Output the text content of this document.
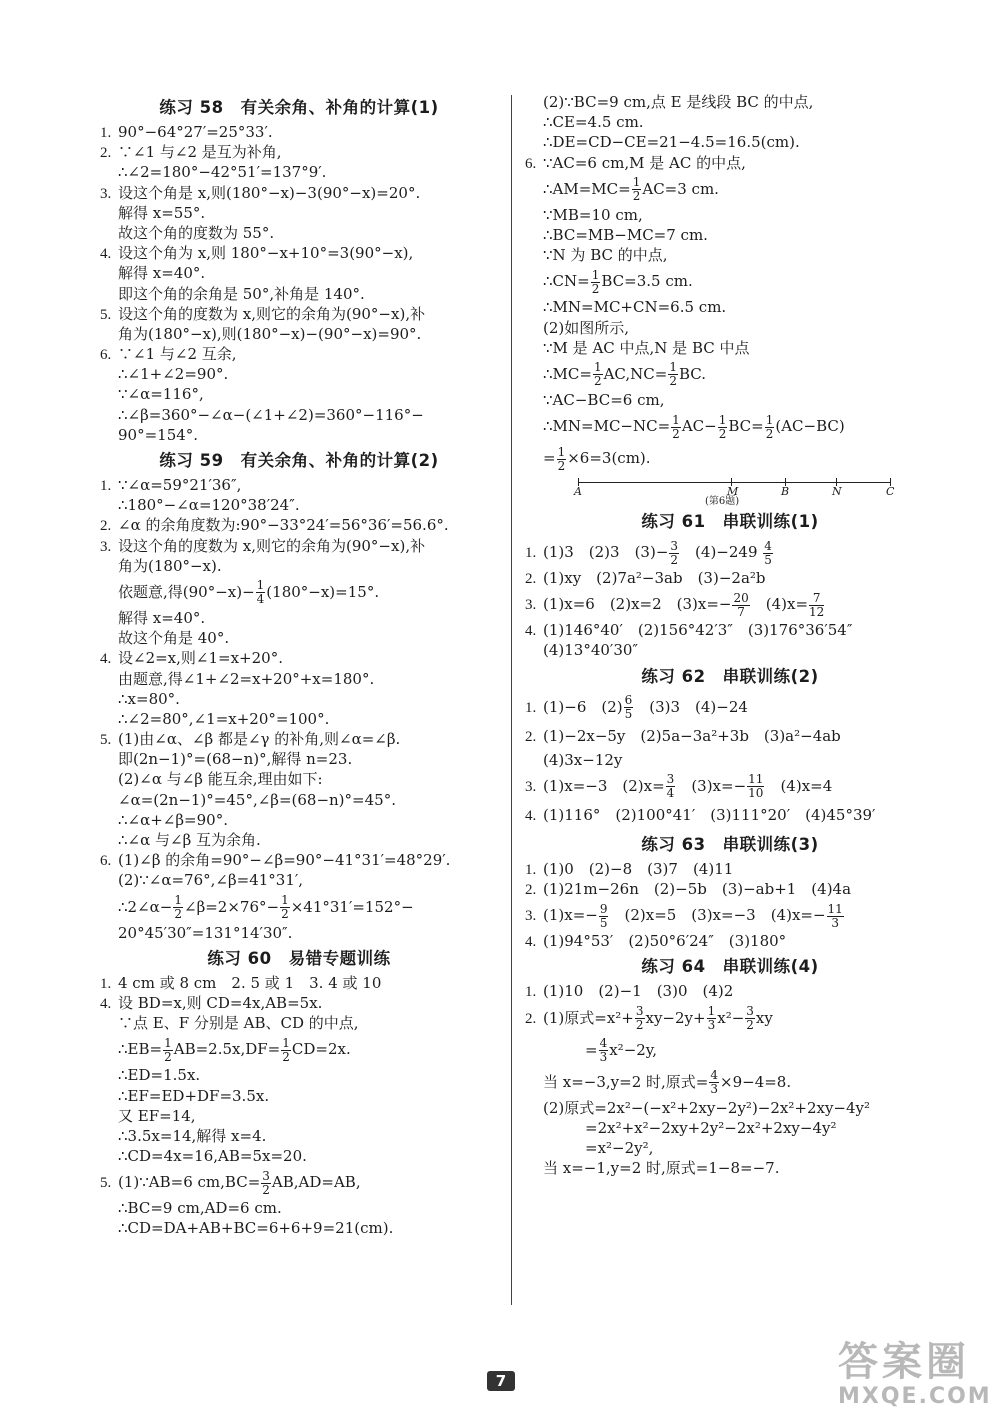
练习 58　有关余角、补角的计算(1)
1. 90°−64°27′=25°33′.
2. ∵∠1 与∠2 是互为补角,
∴∠2=180°−42°51′=137°9′.
3. 设这个角是 x,则(180°−x)−3(90°−x)=20°.
解得 x=55°.
故这个角的度数为 55°.
4. 设这个角为 x,则 180°−x+10°=3(90°−x),
解得 x=40°.
即这个角的余角是 50°,补角是 140°.
5. 设这个角的度数为 x,则它的余角为(90°−x),补
角为(180°−x),则(180°−x)−(90°−x)=90°.
6. ∵∠1 与∠2 互余,
∴∠1+∠2=90°.
∵∠α=116°,
∴∠β=360°−∠α−(∠1+∠2)=360°−116°−
90°=154°.
练习 59　有关余角、补角的计算(2)
1. ∵∠α=59°21′36″,
∴180°−∠α=120°38′24″.
2. ∠α 的余角度数为:90°−33°24′=56°36′=56.6°.
3. 设这个角的度数为 x,则它的余角为(90°−x),补
角为(180°−x).
依题意,得$(90^\circ-x)- \frac{1}{4} (180^\circ-x)=15^\circ$.
解得 x=40°.
故这个角是 40°.
4. 设∠2=x,则∠1=x+20°.
由题意,得∠1+∠2=x+20°+x=180°.
∴x=80°.
∴∠2=80°,∠1=x+20°=100°.
5. (1)由∠α、∠β 都是∠γ 的补角,则∠α=∠β.
即(2n−1)°=(68−n)°,解得 n=23.
(2)∠α 与∠β 能互余,理由如下:
∠α=(2n−1)°=45°,∠β=(68−n)°=45°.
∴∠α+∠β=90°.
∴∠α 与∠β 互为余角.
6. (1)∠β 的余角=90°−∠β=90°−41°31′=48°29′.
(2)∵∠α=76°,∠β=41°31′,
∴2∠α− $\frac{1}{2}$ ∠β=2×76°− $\frac{1}{2} \times 41^\circ 31'=152^\circ-$
20°45′30″=131°14′30″.
练习 60　易错专题训练
1. 4 cm 或 8 cm　2. 5 或 1　3. 4 或 10
4. 设 BD=x,则 CD=4x,AB=5x.
∵点 E、F 分别是 AB、CD 的中点,
∴EB= $\frac{1}{2} AB=2.5x,DF= \frac{1}{2} CD=2x$.
∴ED=1.5x.
∴EF=ED+DF=3.5x.
又 EF=14,
∴3.5x=14,解得 x=4.
∴CD=4x=16,AB=5x=20.
5. (1)∵AB=6 $cm,BC= \frac{3}{2} AB,AD=AB$,
∴BC=9 cm,AD=6 cm.
∴CD=DA+AB+BC=6+6+9=21(cm).
(2)∵BC=9 cm,点 E 是线段 BC 的中点,
∴CE=4.5 cm.
∴DE=CD−CE=21−4.5=16.5(cm).
6. ∵AC=6 cm,M 是 AC 的中点,
∴AM=MC= $\frac{1}{2} AC=3$ cm.
∵MB=10 cm,
∴BC=MB−MC=7 cm.
∵N 为 BC 的中点,
∴CN= $\frac{1}{2} BC=3.5$ cm.
∴MN=MC+CN=6.5 cm.
(2)如图所示,
∵M 是 AC 中点,N 是 BC 中点
∴MC= $\frac{1}{2} AC,NC= \frac{1}{2}$ BC.
∵AC−BC=6 cm,
∴MN=MC−NC= $\frac{1}{2} AC- \frac{1}{2} BC= \frac{1}{2} (AC-BC)$
= $\frac{1}{2} \times 6=3(cm)$.
A	M	B	N	C
(第6题)
练习 61　串联训练(1)
1. (1)3　(2)3　$(3)- \frac{3}{2}$ 　$(4)-249 \frac{4}{5}$
2. (1)xy　(2)7a²−3ab　(3)−2a²b
3. (1)x=6　(2)x=2　$(3)x=- \frac{20}{7}$ 　$(4)x= \frac{7}{12}$
4. (1)146°40′　(2)156°42′3″　(3)176°36′54″
(4)13°40′30″
练习 62　串联训练(2)
1. (1)−6　$(2) \frac{6}{5}$ 　(3)3　(4)−24
2. (1)−2x−5y　(2)5a−3a²+3b　(3)a²−4ab
(4)3x−12y
3. (1)x=−3　$(2)x= \frac{3}{4}$ 　$(3)x=- \frac{11}{10}$ 　(4)x=4
4. (1)116°　(2)100°41′　(3)111°20′　(4)45°39′
练习 63　串联训练(3)
1. (1)0　(2)−8　(3)7　(4)11
2. (1)21m−26n　(2)−5b　(3)−ab+1　(4)4a
3. $(1)x=- \frac{9}{5}$ 　(2)x=5　(3)x=−3　$(4)x=- \frac{11}{3}$
4. (1)94°53′　(2)50°6′24″　(3)180°
练习 64　串联训练(4)
1. (1)10　(2)−1　(3)0　(4)2
2. (1)原式$=x^2+ \frac{3}{2} xy-2y+ \frac{1}{3} x^2- \frac{3}{2}$ xy
= $\frac{4}{3} x^2-2y$,
当 x=−3,y=2 时,原式= $\frac{4}{3} \times 9-4=8$.
(2)原式=2x²−(−x²+2xy−2y²)−2x²+2xy−4y²
=2x²+x²−2xy+2y²−2x²+2xy−4y²
=x²−2y²,
当 x=−1,y=2 时,原式=1−8=−7.
7	答案圈
MXQE.COM
